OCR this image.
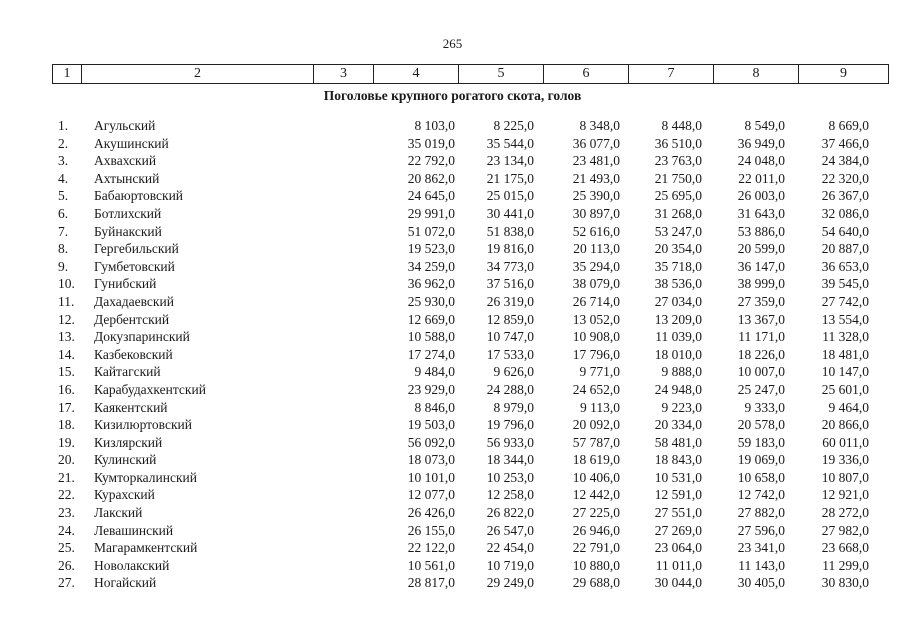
265
1	2	3	4	5	6	7	8	9
Поголовье крупного рогатого скота, голов
1. Агульский	8 103,0	8 225,0	8 348,0	8 448,0	8 549,0	8 669,0
2. Акушинский	35 019,0	35 544,0	36 077,0	36 510,0	36 949,0	37 466,0
3. Ахвахский	22 792,0	23 134,0	23 481,0	23 763,0	24 048,0	24 384,0
4. Ахтынский	20 862,0	21 175,0	21 493,0	21 750,0	22 011,0	22 320,0
5. Бабаюртовский	24 645,0	25 015,0	25 390,0	25 695,0	26 003,0	26 367,0
6. Ботлихский	29 991,0	30 441,0	30 897,0	31 268,0	31 643,0	32 086,0
7. Буйнакский	51 072,0	51 838,0	52 616,0	53 247,0	53 886,0	54 640,0
8. Гергебильский	19 523,0	19 816,0	20 113,0	20 354,0	20 599,0	20 887,0
9. Гумбетовский	34 259,0	34 773,0	35 294,0	35 718,0	36 147,0	36 653,0
10. Гунибский	36 962,0	37 516,0	38 079,0	38 536,0	38 999,0	39 545,0
11. Дахадаевский	25 930,0	26 319,0	26 714,0	27 034,0	27 359,0	27 742,0
12. Дербентский	12 669,0	12 859,0	13 052,0	13 209,0	13 367,0	13 554,0
13. Докузпаринский	10 588,0	10 747,0	10 908,0	11 039,0	11 171,0	11 328,0
14. Казбековский	17 274,0	17 533,0	17 796,0	18 010,0	18 226,0	18 481,0
15. Кайтагский	9 484,0	9 626,0	9 771,0	9 888,0	10 007,0	10 147,0
16. Карабудахкентский	23 929,0	24 288,0	24 652,0	24 948,0	25 247,0	25 601,0
17. Каякентский	8 846,0	8 979,0	9 113,0	9 223,0	9 333,0	9 464,0
18. Кизилюртовский	19 503,0	19 796,0	20 092,0	20 334,0	20 578,0	20 866,0
19. Кизлярский	56 092,0	56 933,0	57 787,0	58 481,0	59 183,0	60 011,0
20. Кулинский	18 073,0	18 344,0	18 619,0	18 843,0	19 069,0	19 336,0
21. Кумторкалинский	10 101,0	10 253,0	10 406,0	10 531,0	10 658,0	10 807,0
22. Курахский	12 077,0	12 258,0	12 442,0	12 591,0	12 742,0	12 921,0
23. Лакский	26 426,0	26 822,0	27 225,0	27 551,0	27 882,0	28 272,0
24. Левашинский	26 155,0	26 547,0	26 946,0	27 269,0	27 596,0	27 982,0
25. Магарамкентский	22 122,0	22 454,0	22 791,0	23 064,0	23 341,0	23 668,0
26. Новолакский	10 561,0	10 719,0	10 880,0	11 011,0	11 143,0	11 299,0
27. Ногайский	28 817,0	29 249,0	29 688,0	30 044,0	30 405,0	30 830,0
